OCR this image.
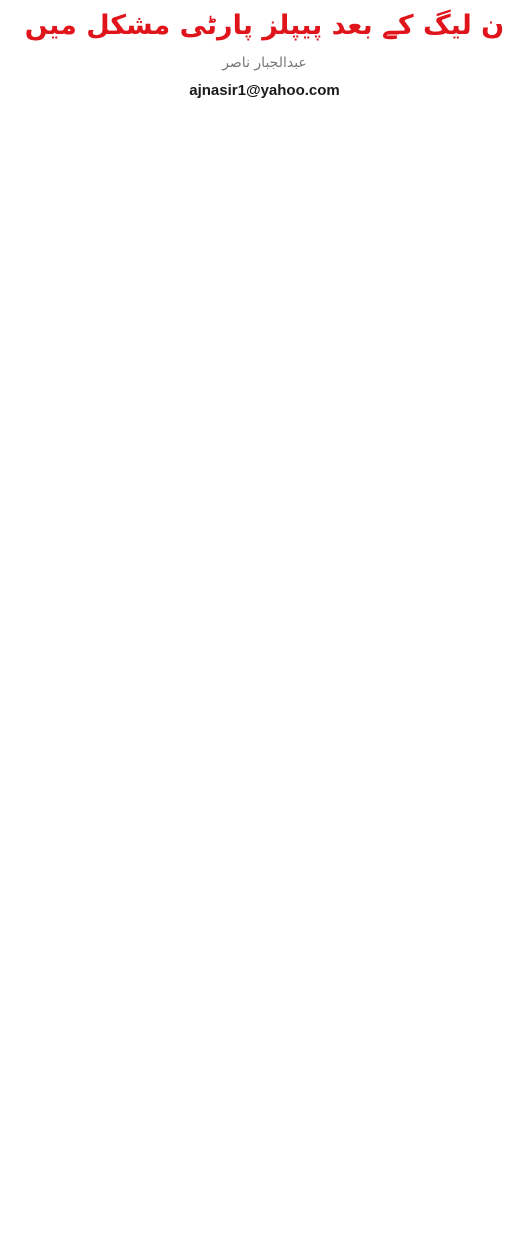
ن لیگ کے بعد پیپلز پارٹی مشکل میں
عبدالجبار ناصر
ajnasir1@yahoo.com
